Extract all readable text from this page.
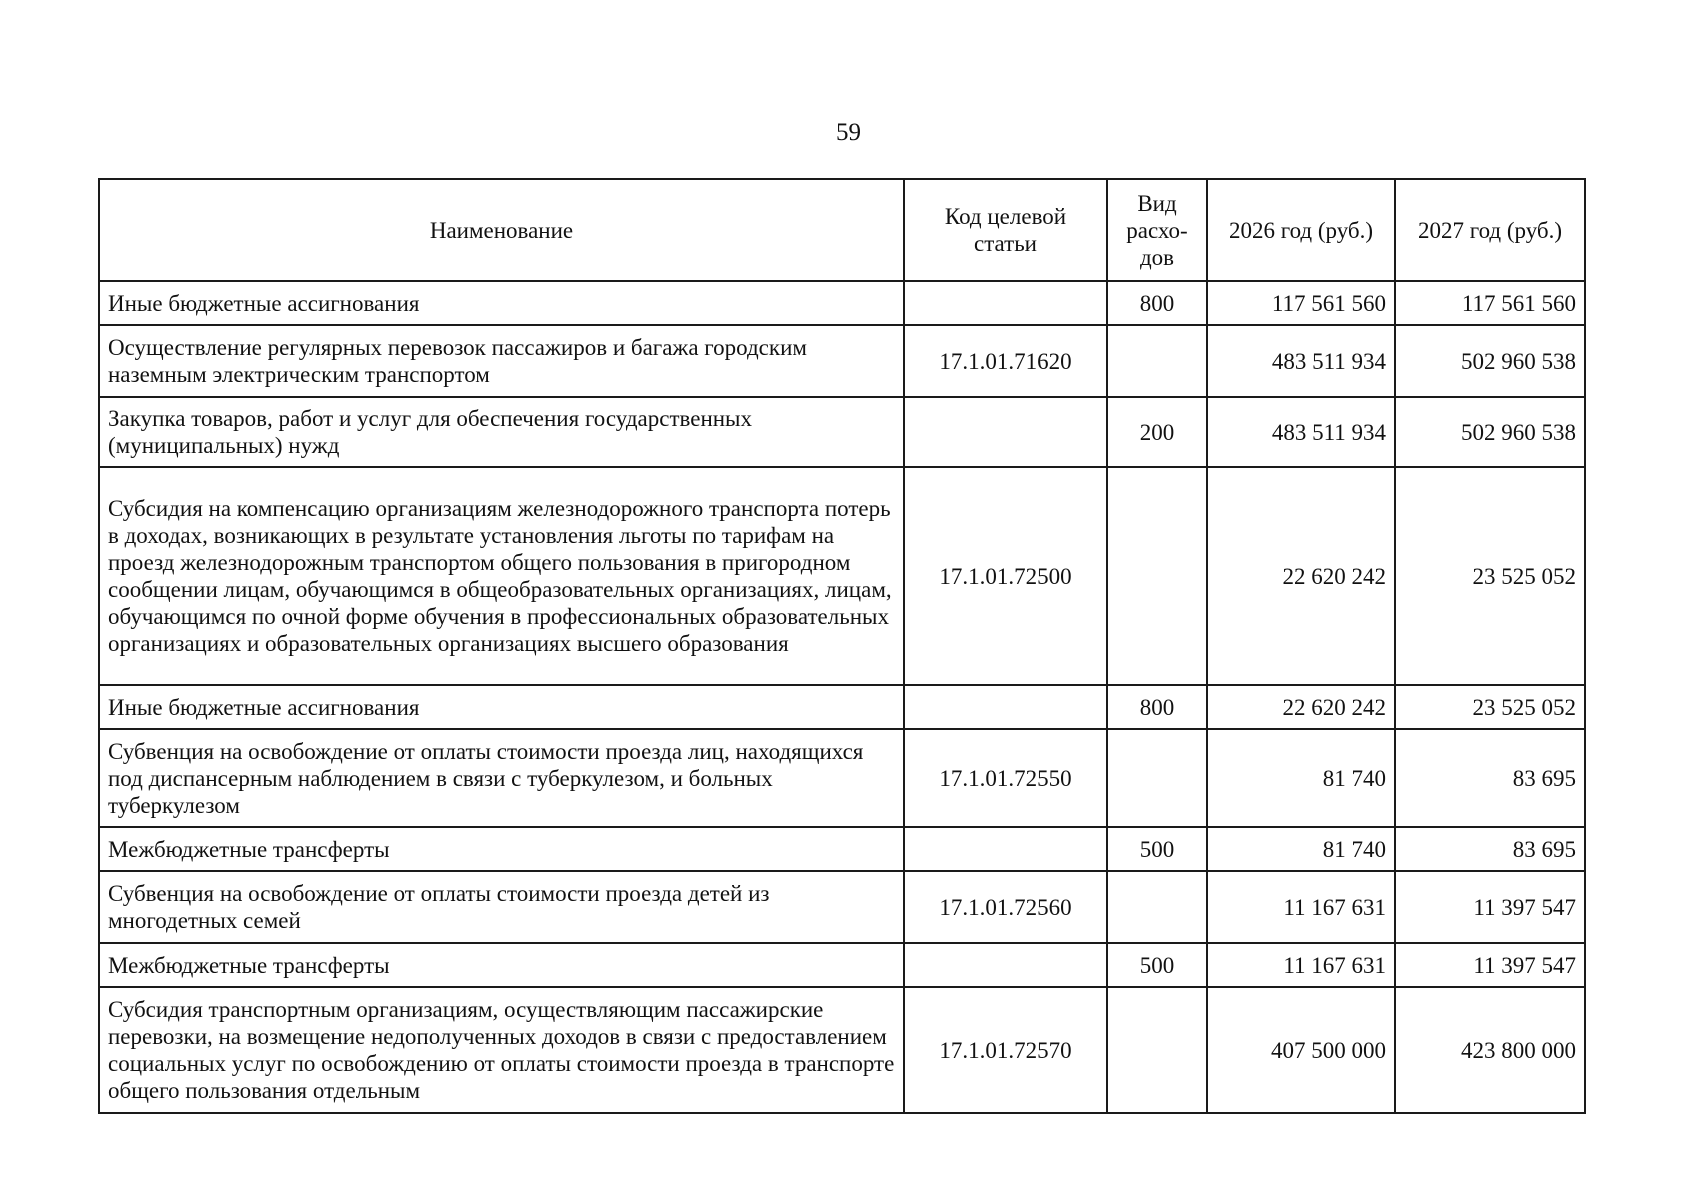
59
Наименование	Код целевой статьи	Вид расхо-дов	2026 год (руб.)	2027 год (руб.)
Иные бюджетные ассигнования		800	117 561 560	117 561 560
Осуществление регулярных перевозок пассажиров и багажа городским наземным электрическим транспортом	17.1.01.71620		483 511 934	502 960 538
Закупка товаров, работ и услуг для обеспечения государственных (муниципальных) нужд		200	483 511 934	502 960 538
Субсидия на компенсацию организациям железнодорожного транспорта потерь в доходах, возникающих в результате установления льготы по тарифам на проезд железнодорожным транспортом общего пользования в пригородном сообщении лицам, обучающимся в общеобразовательных организациях, лицам, обучающимся по очной форме обучения в профессиональных образовательных организациях и образовательных организациях высшего образования	17.1.01.72500		22 620 242	23 525 052
Иные бюджетные ассигнования		800	22 620 242	23 525 052
Субвенция на освобождение от оплаты стоимости проезда лиц, находящихся под диспансерным наблюдением в связи с туберкулезом, и больных туберкулезом	17.1.01.72550		81 740	83 695
Межбюджетные трансферты		500	81 740	83 695
Субвенция на освобождение от оплаты стоимости проезда детей из многодетных семей	17.1.01.72560		11 167 631	11 397 547
Межбюджетные трансферты		500	11 167 631	11 397 547
Субсидия транспортным организациям, осуществляющим пассажирские перевозки, на возмещение недополученных доходов в связи с предоставлением социальных услуг по освобождению от оплаты стоимости проезда в транспорте общего пользования отдельным	17.1.01.72570		407 500 000	423 800 000
